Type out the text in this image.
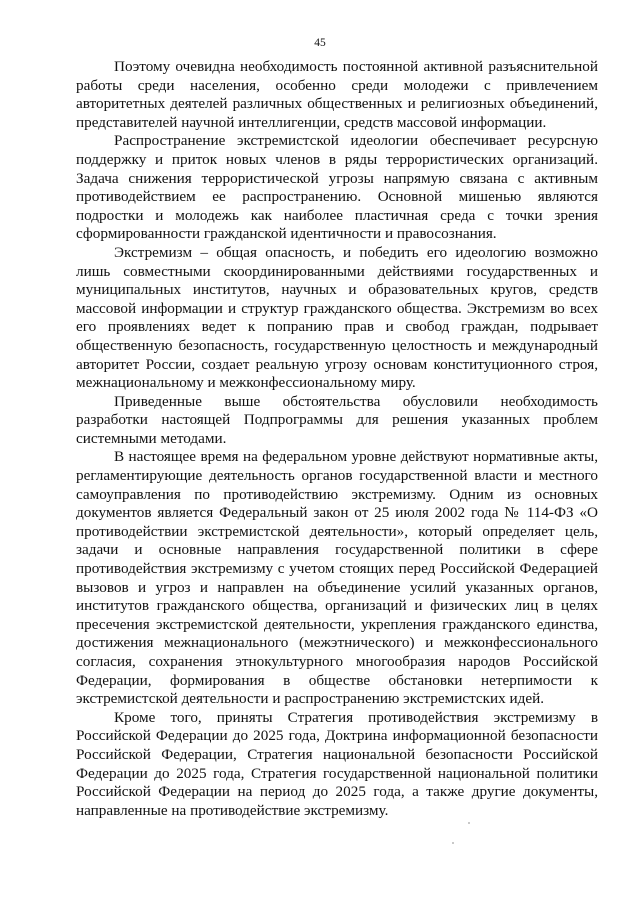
45

Поэтому очевидна необходимость постоянной активной разъяснительной работы среди населения, особенно среди молодежи с привлечением авторитетных деятелей различных общественных и религиозных объединений, представителей научной интеллигенции, средств массовой информации.

Распространение экстремистской идеологии обеспечивает ресурсную поддержку и приток новых членов в ряды террористических организаций. Задача снижения террористической угрозы напрямую связана с активным противодействием ее распространению. Основной мишенью являются подростки и молодежь как наиболее пластичная среда с точки зрения сформированности гражданской идентичности и правосознания.

Экстремизм – общая опасность, и победить его идеологию возможно лишь совместными скоординированными действиями государственных и муниципальных институтов, научных и образовательных кругов, средств массовой информации и структур гражданского общества. Экстремизм во всех его проявлениях ведет к попранию прав и свобод граждан, подрывает общественную безопасность, государственную целостность и международный авторитет России, создает реальную угрозу основам конституционного строя, межнациональному и межконфессиональному миру.

Приведенные выше обстоятельства обусловили необходимость разработки настоящей Подпрограммы для решения указанных проблем системными методами.

В настоящее время на федеральном уровне действуют нормативные акты, регламентирующие деятельность органов государственной власти и местного самоуправления по противодействию экстремизму. Одним из основных документов является Федеральный закон от 25 июля 2002 года № 114-ФЗ «О противодействии экстремистской деятельности», который определяет цель, задачи и основные направления государственной политики в сфере противодействия экстремизму с учетом стоящих перед Российской Федерацией вызовов и угроз и направлен на объединение усилий указанных органов, институтов гражданского общества, организаций и физических лиц в целях пресечения экстремистской деятельности, укрепления гражданского единства, достижения межнационального (межэтнического) и межконфессионального согласия, сохранения этнокультурного многообразия народов Российской Федерации, формирования в обществе обстановки нетерпимости к экстремистской деятельности и распространению экстремистских идей.

Кроме того, приняты Стратегия противодействия экстремизму в Российской Федерации до 2025 года, Доктрина информационной безопасности Российской Федерации, Стратегия национальной безопасности Российской Федерации до 2025 года, Стратегия государственной национальной политики Российской Федерации на период до 2025 года, а также другие документы, направленные на противодействие экстремизму.
